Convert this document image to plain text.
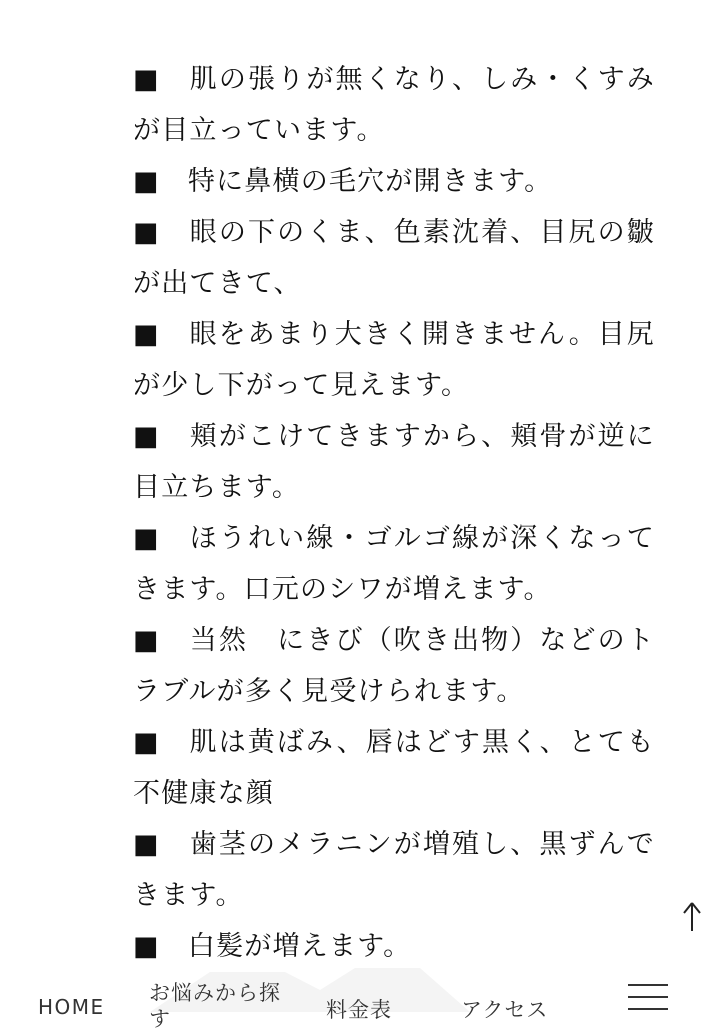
■　肌の張りが無くなり、しみ・くすみが目立っています。

■　特に鼻横の毛穴が開きます。

■　眼の下のくま、色素沈着、目尻の皺が出てきて、

■　眼をあまり大きく開きません。目尻が少し下がって見えます。

■　頬がこけてきますから、頬骨が逆に目立ちます。

■　ほうれい線・ゴルゴ線が深くなってきます。口元のシワが増えます。

■　当然　にきび（吹き出物）などのトラブルが多く見受けられます。

■　肌は黄ばみ、唇はどす黒く、とても不健康な顔

■　歯茎のメラニンが増殖し、黒ずんできます。

■　白髪が増えます。

HOME
お悩みから探す	料金表	アクセス
